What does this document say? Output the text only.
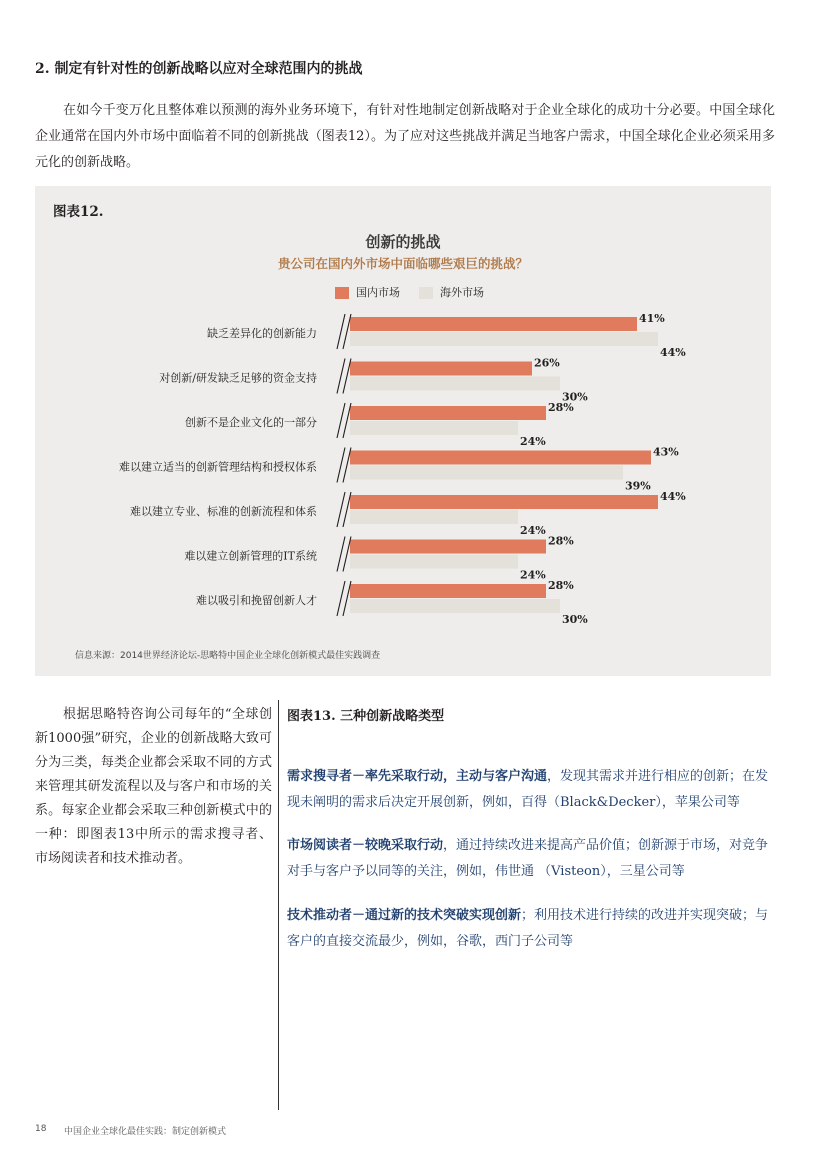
2. 制定有针对性的创新战略以应对全球范围内的挑战

在如今千变万化且整体难以预测的海外业务环境下，有针对性地制定创新战略对于企业全球化的成功十分必要。中国全球化企业通常在国内外市场中面临着不同的创新挑战（图表12）。为了应对这些挑战并满足当地客户需求，中国全球化企业必须采用多元化的创新战略。

图表12.
创新的挑战
贵公司在国内外市场中面临哪些艰巨的挑战？
国内市场	海外市场
缺乏差异化的创新能力
41%
44%
对创新/研发缺乏足够的资金支持
26%
30%
创新不是企业文化的一部分
28%
24%
难以建立适当的创新管理结构和授权体系
43%
39%
难以建立专业、标准的创新流程和体系
44%
24%
难以建立创新管理的IT系统
28%
24%
难以吸引和挽留创新人才
28%
30%
信息来源：2014世界经济论坛-思略特中国企业全球化创新模式最佳实践调查

根据思略特咨询公司每年的“全球创新1000强”研究，企业的创新战略大致可分为三类，每类企业都会采取不同的方式来管理其研发流程以及与客户和市场的关系。每家企业都会采取三种创新模式中的一种：即图表13中所示的需求搜寻者、市场阅读者和技术推动者。

图表13. 三种创新战略类型

需求搜寻者－率先采取行动，主动与客户沟通，发现其需求并进行相应的创新；在发现未阐明的需求后决定开展创新，例如，百得（Black&Decker），苹果公司等

市场阅读者－较晚采取行动，通过持续改进来提高产品价值；创新源于市场，对竞争对手与客户予以同等的关注，例如，伟世通 （Visteon），三星公司等

技术推动者－通过新的技术突破实现创新；利用技术进行持续的改进并实现突破；与客户的直接交流最少，例如，谷歌，西门子公司等

18 中国企业全球化最佳实践：制定创新模式
